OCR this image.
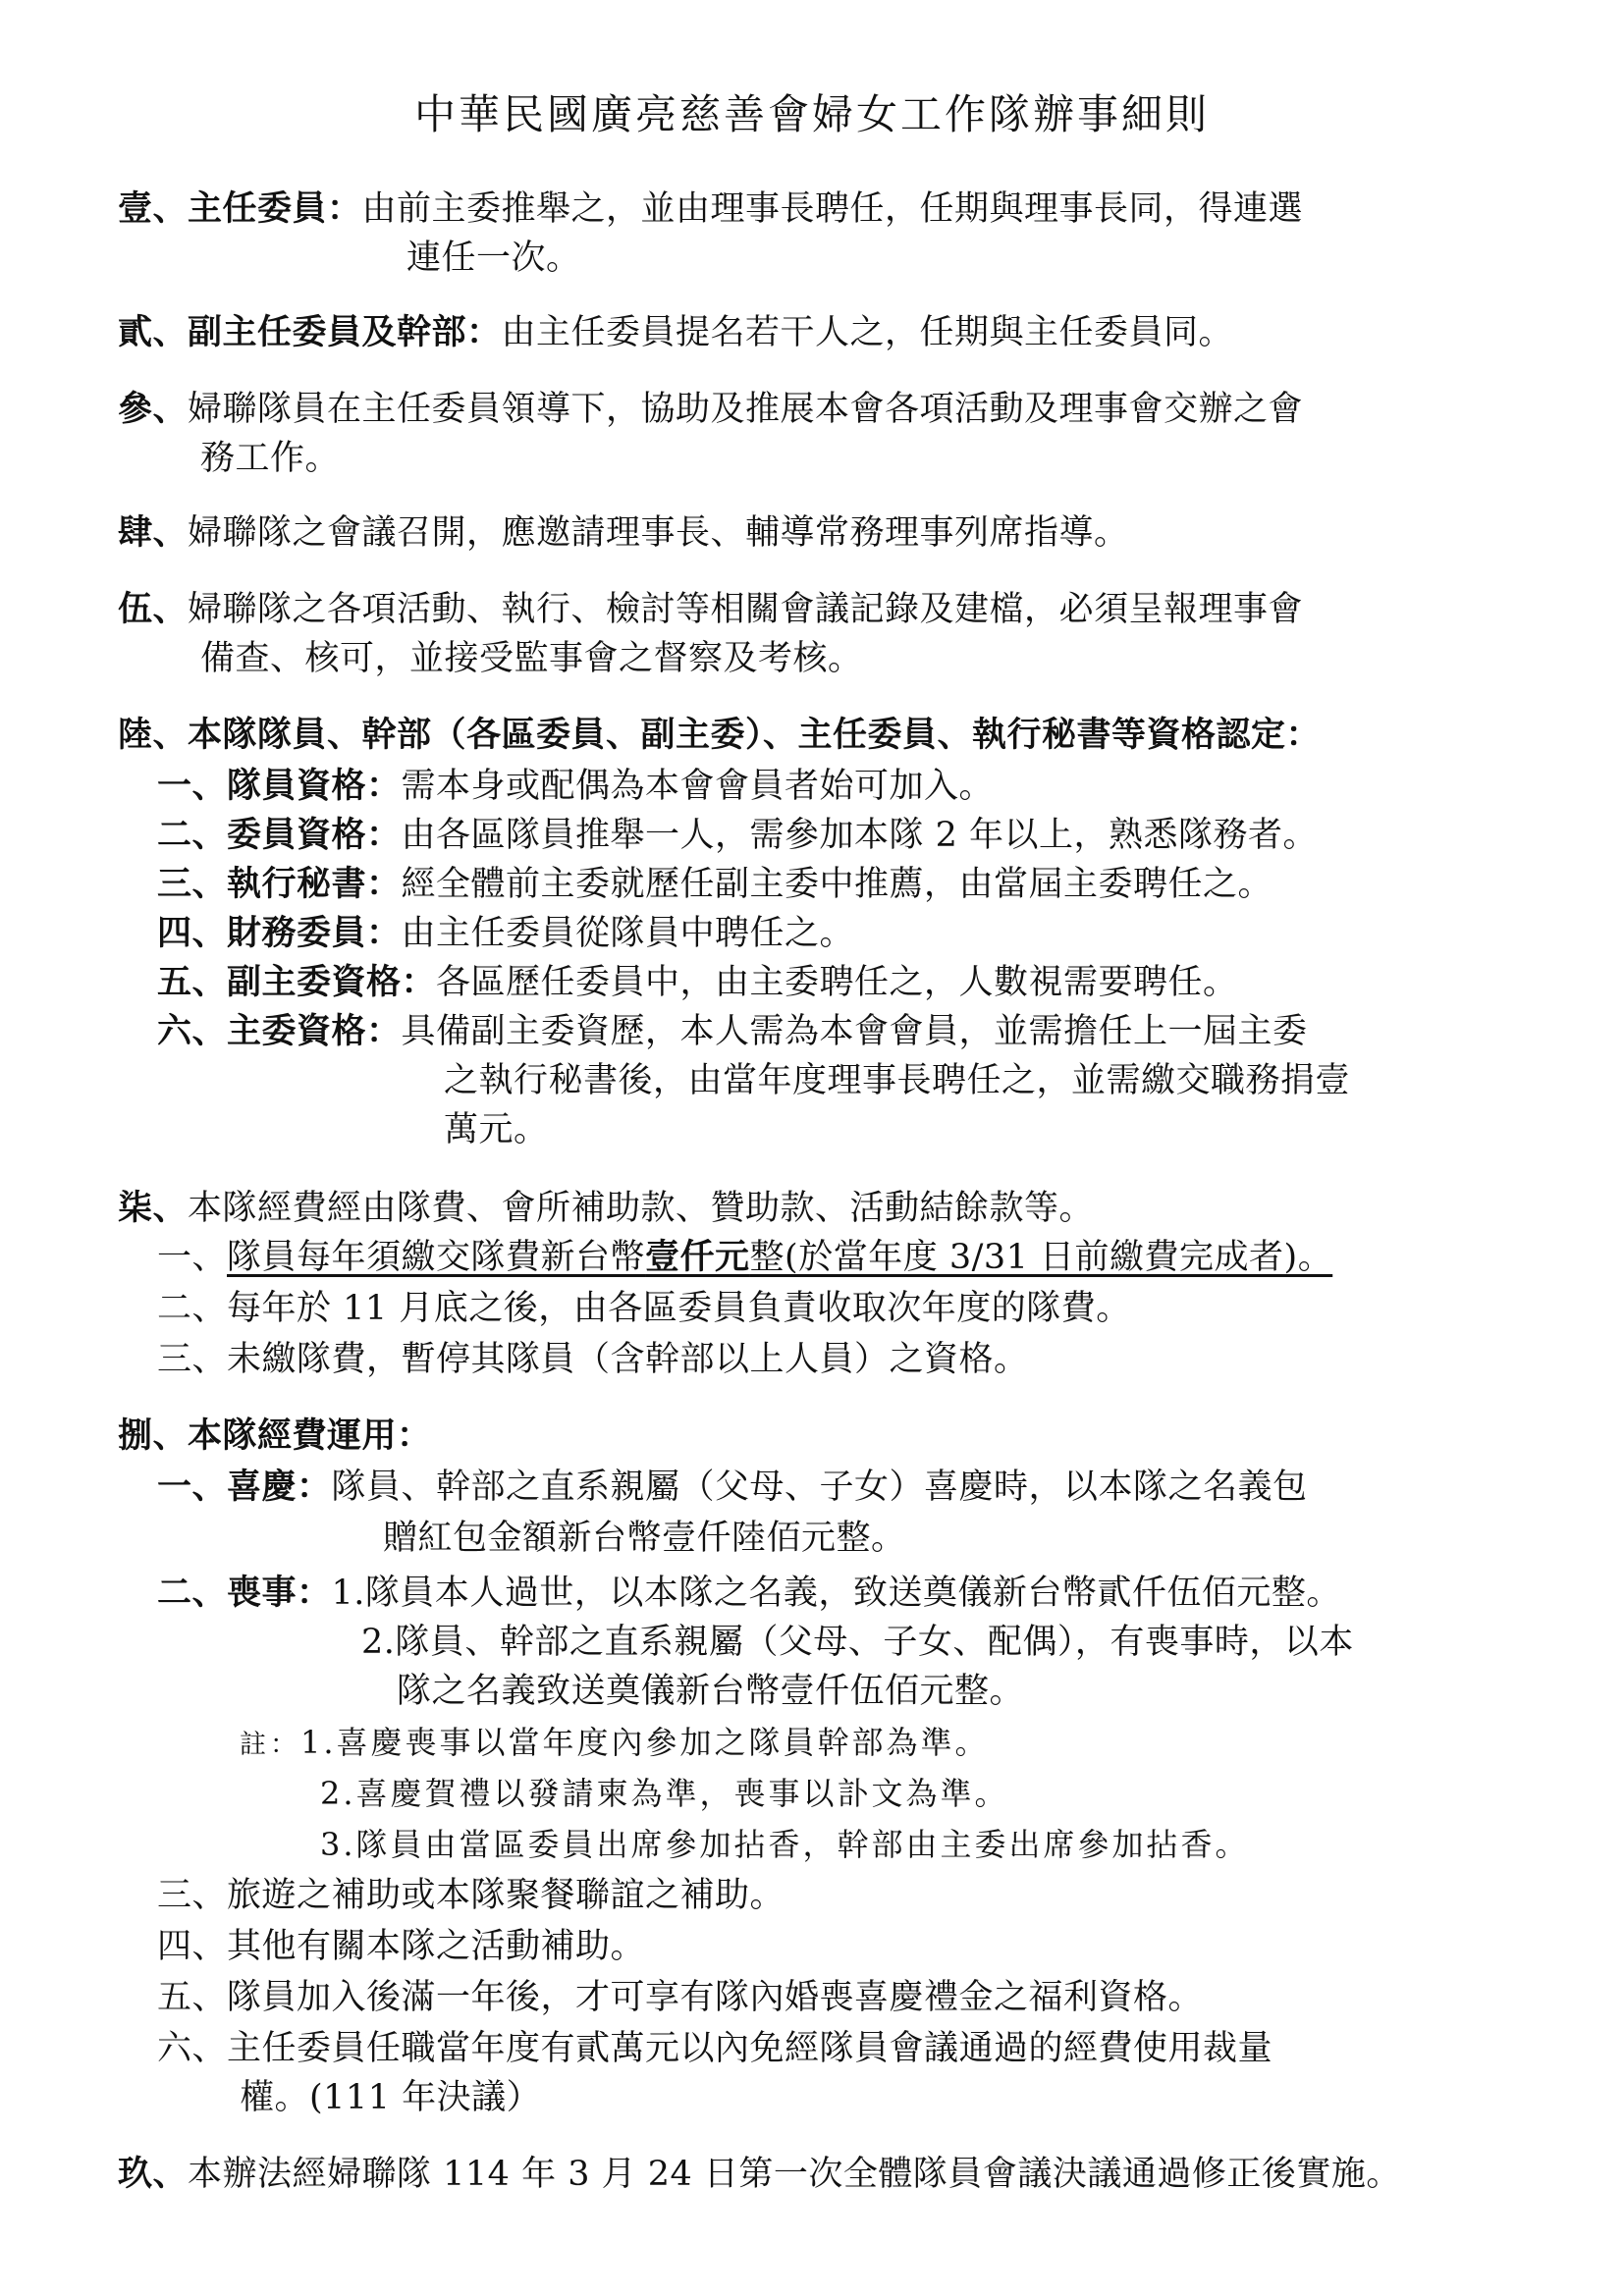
中華民國廣亮慈善會婦女工作隊辦事細則
壹、主任委員：由前主委推舉之，並由理事長聘任，任期與理事長同，得連選
連任一次。
貳、副主任委員及幹部：由主任委員提名若干人之，任期與主任委員同。
參、婦聯隊員在主任委員領導下，協助及推展本會各項活動及理事會交辦之會
務工作。
肆、婦聯隊之會議召開，應邀請理事長、輔導常務理事列席指導。
伍、婦聯隊之各項活動、執行、檢討等相關會議記錄及建檔，必須呈報理事會
備查、核可，並接受監事會之督察及考核。
陸、本隊隊員、幹部（各區委員、副主委）、主任委員、執行秘書等資格認定：
一、隊員資格：需本身或配偶為本會會員者始可加入。
二、委員資格：由各區隊員推舉一人，需參加本隊 2 年以上，熟悉隊務者。
三、執行秘書：經全體前主委就歷任副主委中推薦，由當屆主委聘任之。
四、財務委員：由主任委員從隊員中聘任之。
五、副主委資格：各區歷任委員中，由主委聘任之，人數視需要聘任。
六、主委資格：具備副主委資歷，本人需為本會會員，並需擔任上一屆主委
之執行秘書後，由當年度理事長聘任之，並需繳交職務捐壹
萬元。
柒、本隊經費經由隊費、會所補助款、贊助款、活動結餘款等。
一、隊員每年須繳交隊費新台幣壹仟元整(於當年度 3/31 日前繳費完成者)。
二、每年於 11 月底之後，由各區委員負責收取次年度的隊費。
三、未繳隊費，暫停其隊員（含幹部以上人員）之資格。
捌、本隊經費運用：
一、喜慶：隊員、幹部之直系親屬（父母、子女）喜慶時，以本隊之名義包
贈紅包金額新台幣壹仟陸佰元整。
二、喪事：1.隊員本人過世，以本隊之名義，致送奠儀新台幣貳仟伍佰元整。
2.隊員、幹部之直系親屬（父母、子女、配偶），有喪事時，以本
隊之名義致送奠儀新台幣壹仟伍佰元整。
註：1.喜慶喪事以當年度內參加之隊員幹部為準。
2.喜慶賀禮以發請柬為準，喪事以訃文為準。
3.隊員由當區委員出席參加拈香，幹部由主委出席參加拈香。
三、旅遊之補助或本隊聚餐聯誼之補助。
四、其他有關本隊之活動補助。
五、隊員加入後滿一年後，才可享有隊內婚喪喜慶禮金之福利資格。
六、主任委員任職當年度有貳萬元以內免經隊員會議通過的經費使用裁量
權。(111 年決議）
玖、本辦法經婦聯隊 114 年 3 月 24 日第一次全體隊員會議決議通過修正後實施。
